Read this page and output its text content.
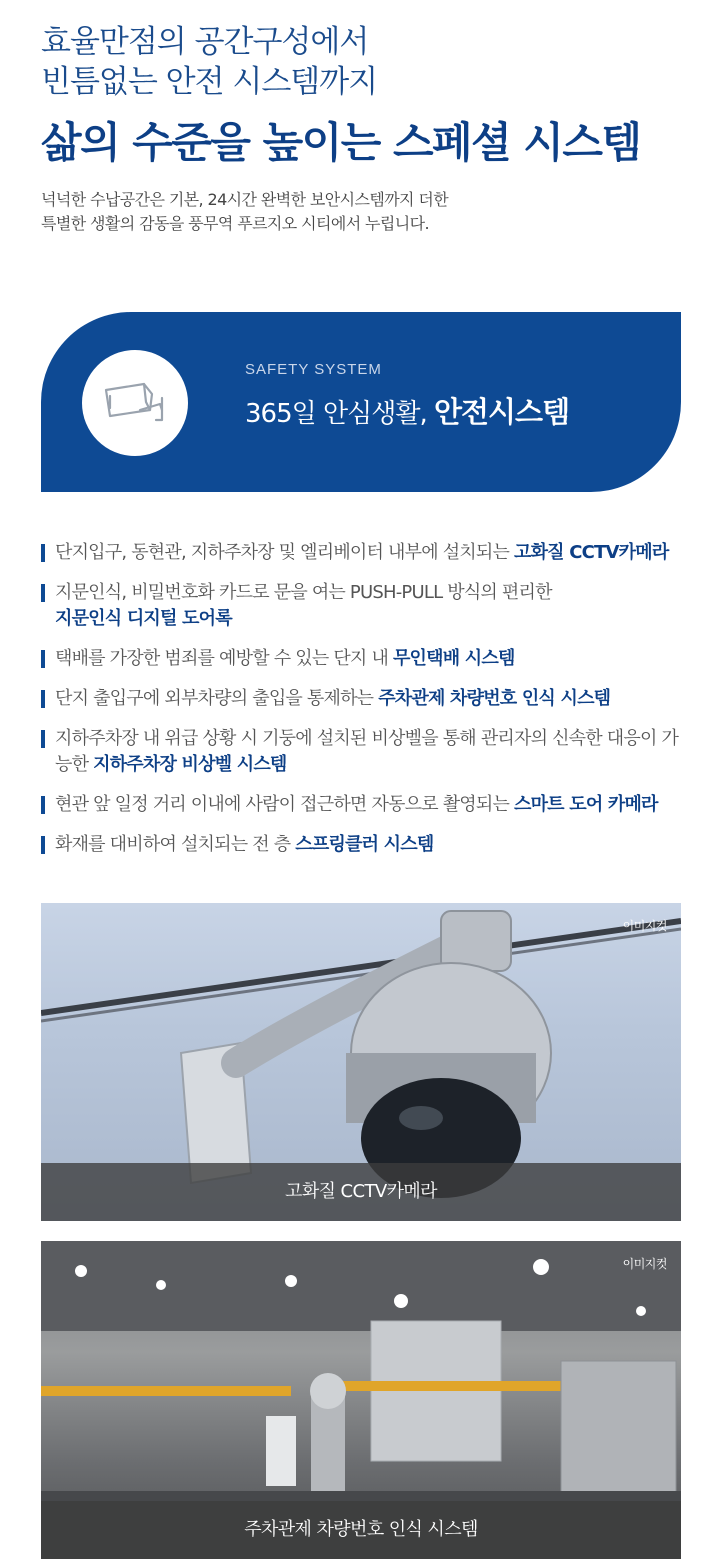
효율만점의 공간구성에서
빈틈없는 안전 시스템까지
삶의 수준을 높이는 스페셜 시스템
넉넉한 수납공간은 기본, 24시간 완벽한 보안시스템까지 더한
특별한 생활의 감동을 풍무역 푸르지오 시티에서 누립니다.
SAFETY SYSTEM
365일 안심생활, 안전시스템
단지입구, 동현관, 지하주차장 및 엘리베이터 내부에 설치되는 고화질 CCTV카메라
지문인식, 비밀번호화 카드로 문을 여는 PUSH-PULL 방식의 편리한
지문인식 디지털 도어록
택배를 가장한 범죄를 예방할 수 있는 단지 내 무인택배 시스템
단지 출입구에 외부차량의 출입을 통제하는 주차관제 차량번호 인식 시스템
지하주차장 내 위급 상황 시 기둥에 설치된 비상벨을 통해 관리자의 신속한 대응이 가능한 지하주차장 비상벨 시스템
현관 앞 일정 거리 이내에 사람이 접근하면 자동으로 촬영되는 스마트 도어 카메라
화재를 대비하여 설치되는 전 층 스프링클러 시스템
이미지컷
고화질 CCTV카메라
이미지컷
주차관제 차량번호 인식 시스템
